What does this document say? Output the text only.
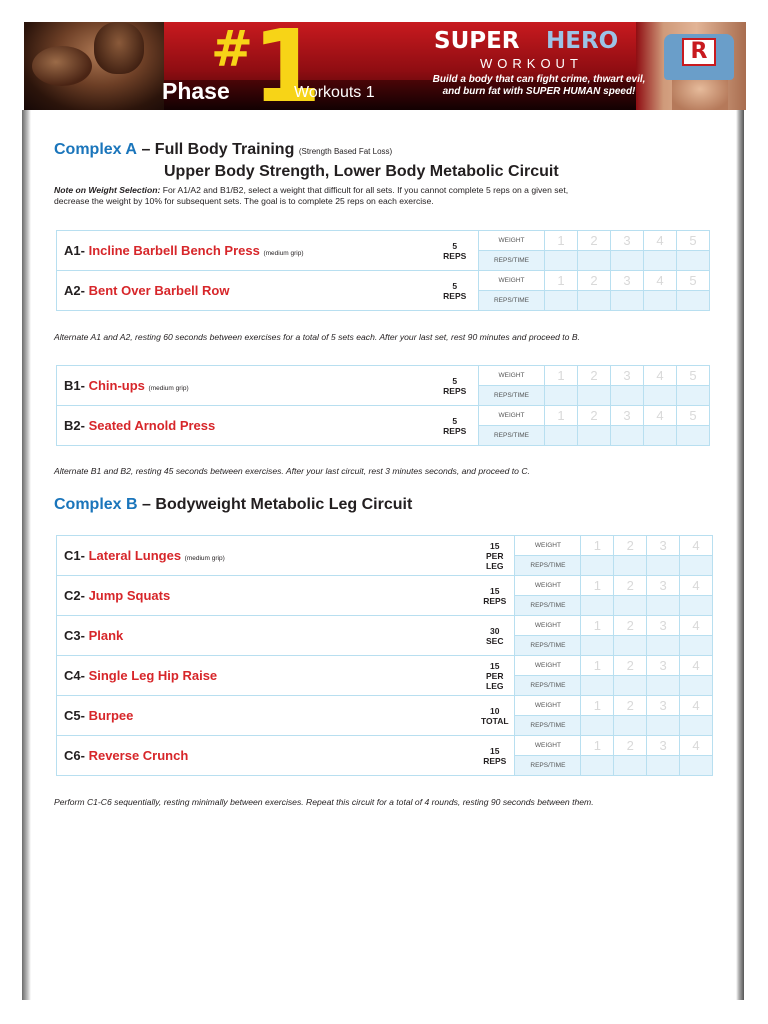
R
# 1
Phase	Workouts 1
SUPER HERO
WORKOUT
Build a body that can fight crime, thwart evil,
and burn fat with SUPER HUMAN speed!
Complex A – Full Body Training (Strength Based Fat Loss)
Upper Body Strength, Lower Body Metabolic Circuit
Note on Weight Selection: For A1/A2 and B1/B2, select a weight that difficult for all sets. If you cannot complete 5 reps on a given set,
decrease the weight by 10% for subsequent sets. The goal is to complete 25 reps on each exercise.
A1- Incline Barbell Bench Press (medium grip)	5
REPS	WEIGHT	1	2	3	4	5
		REPS/TIME					
A2- Bent Over Barbell Row	5
REPS	WEIGHT	1	2	3	4	5
		REPS/TIME					
Alternate A1 and A2, resting 60 seconds between exercises for a total of 5 sets each. After your last set, rest 90 minutes and proceed to B.
B1- Chin-ups (medium grip)	5
REPS	WEIGHT	1	2	3	4	5
		REPS/TIME					
B2- Seated Arnold Press	5
REPS	WEIGHT	1	2	3	4	5
		REPS/TIME					
Alternate B1 and B2, resting 45 seconds between exercises. After your last circuit, rest 3 minutes seconds, and proceed to C.
Complex B – Bodyweight Metabolic Leg Circuit
C1- Lateral Lunges (medium grip)	15
PER
LEG	WEIGHT	1	2	3	4
		REPS/TIME				
C2- Jump Squats	15
REPS	WEIGHT	1	2	3	4
		REPS/TIME				
C3- Plank	30
SEC	WEIGHT	1	2	3	4
		REPS/TIME				
C4- Single Leg Hip Raise	15
PER
LEG	WEIGHT	1	2	3	4
		REPS/TIME				
C5- Burpee	10
TOTAL	WEIGHT	1	2	3	4
		REPS/TIME				
C6- Reverse Crunch	15
REPS	WEIGHT	1	2	3	4
		REPS/TIME				
Perform C1-C6 sequentially, resting minimally between exercises. Repeat this circuit for a total of 4 rounds, resting 90 seconds between them.
